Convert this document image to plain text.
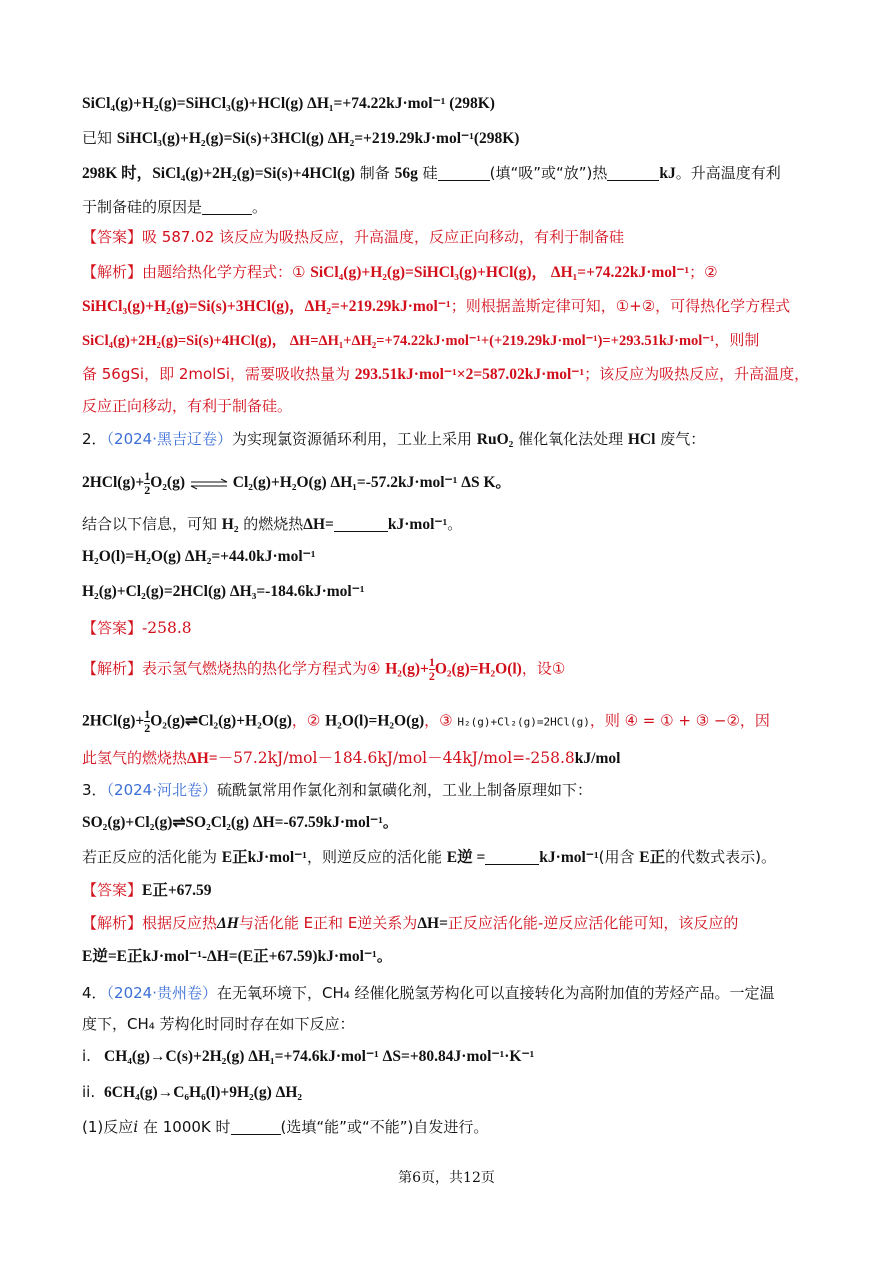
SiCl₄(g)+H₂(g)=SiHCl₃(g)+HCl(g) ΔH₁=+74.22kJ·mol⁻¹ (298K)
已知 SiHCl₃(g)+H₂(g)=Si(s)+3HCl(g) ΔH₂=+219.29kJ·mol⁻¹(298K)
298K 时，SiCl₄(g)+2H₂(g)=Si(s)+4HCl(g) 制备 56g 硅	(填“吸”或“放”)热	kJ。升高温度有利
于制备硅的原因是	。
【答案】吸 587.02 该反应为吸热反应，升高温度，反应正向移动，有利于制备硅
【解析】由题给热化学方程式：① SiCl₄(g)+H₂(g)=SiHCl₃(g)+HCl(g)， ΔH₁=+74.22kJ·mol⁻¹；②
SiHCl₃(g)+H₂(g)=Si(s)+3HCl(g)，ΔH₂=+219.29kJ·mol⁻¹；则根据盖斯定律可知，①+②，可得热化学方程式
SiCl₄(g)+2H₂(g)=Si(s)+4HCl(g)， ΔH=ΔH₁+ΔH₂=+74.22kJ·mol⁻¹+(+219.29kJ·mol⁻¹)=+293.51kJ·mol⁻¹，则制
备 56gSi，即 2molSi，需要吸收热量为 293.51kJ·mol⁻¹×2=587.02kJ·mol⁻¹；该反应为吸热反应，升高温度，
反应正向移动，有利于制备硅。
2．（2024·黑吉辽卷）为实现氯资源循环利用，工业上采用 RuO₂ 催化氧化法处理 HCl 废气：
$2HCl(g)+ \frac{1}{2} O_2(g)$ ⇌ Cl₂(g)+H₂O(g) ΔH₁=-57.2kJ·mol⁻¹ ΔS K。
结合以下信息，可知 H₂ 的燃烧热ΔH=	kJ·mol⁻¹。
H₂O(l)=H₂O(g) ΔH₂=+44.0kJ·mol⁻¹
H₂(g)+Cl₂(g)=2HCl(g) ΔH₃=-184.6kJ·mol⁻¹
【答案】-258.8
【解析】表示氢气燃烧热的热化学方程式为④ $H_2(g)+ \frac{1}{2} O_2(g)=H_2O(l)$，设①
$2HCl(g)+ \frac{1}{2}$ O₂(g)⇌Cl₂(g)+H₂O(g)，② H₂O(l)=H₂O(g)，③ H₂(g)+Cl₂(g)=2HCl(g)，则 ④ = ① + ③ −②，因
此氢气的燃烧热ΔH=－57.2kJ/mol－184.6kJ/mol－44kJ/mol=-258.8kJ/mol
3．（2024·河北卷）硫酰氯常用作氯化剂和氯磺化剂，工业上制备原理如下：
SO₂(g)+Cl₂(g)⇌SO₂Cl₂(g) ΔH=-67.59kJ·mol⁻¹。
若正反应的活化能为 E正kJ·mol⁻¹，则逆反应的活化能 E逆 =	kJ·mol⁻¹(用含 E正的代数式表示)。
【答案】E正+67.59
【解析】根据反应热ΔH与活化能 E正和 E逆关系为ΔH=正反应活化能-逆反应活化能可知，该反应的
E逆=E正kJ·mol⁻¹-ΔH=(E正+67.59)kJ·mol⁻¹。
4．（2024·贵州卷）在无氧环境下，CH₄ 经催化脱氢芳构化可以直接转化为高附加值的芳烃产品。一定温
度下，CH₄ 芳构化时同时存在如下反应：
i. CH₄(g)→C(s)+2H₂(g) ΔH₁=+74.6kJ·mol⁻¹ ΔS=+80.84J·mol⁻¹·K⁻¹
ii. 6CH₄(g)→C₆H₆(l)+9H₂(g) ΔH₂
(1)反应i 在 1000K 时	(选填“能”或“不能”)自发进行。
第6页，共12页
